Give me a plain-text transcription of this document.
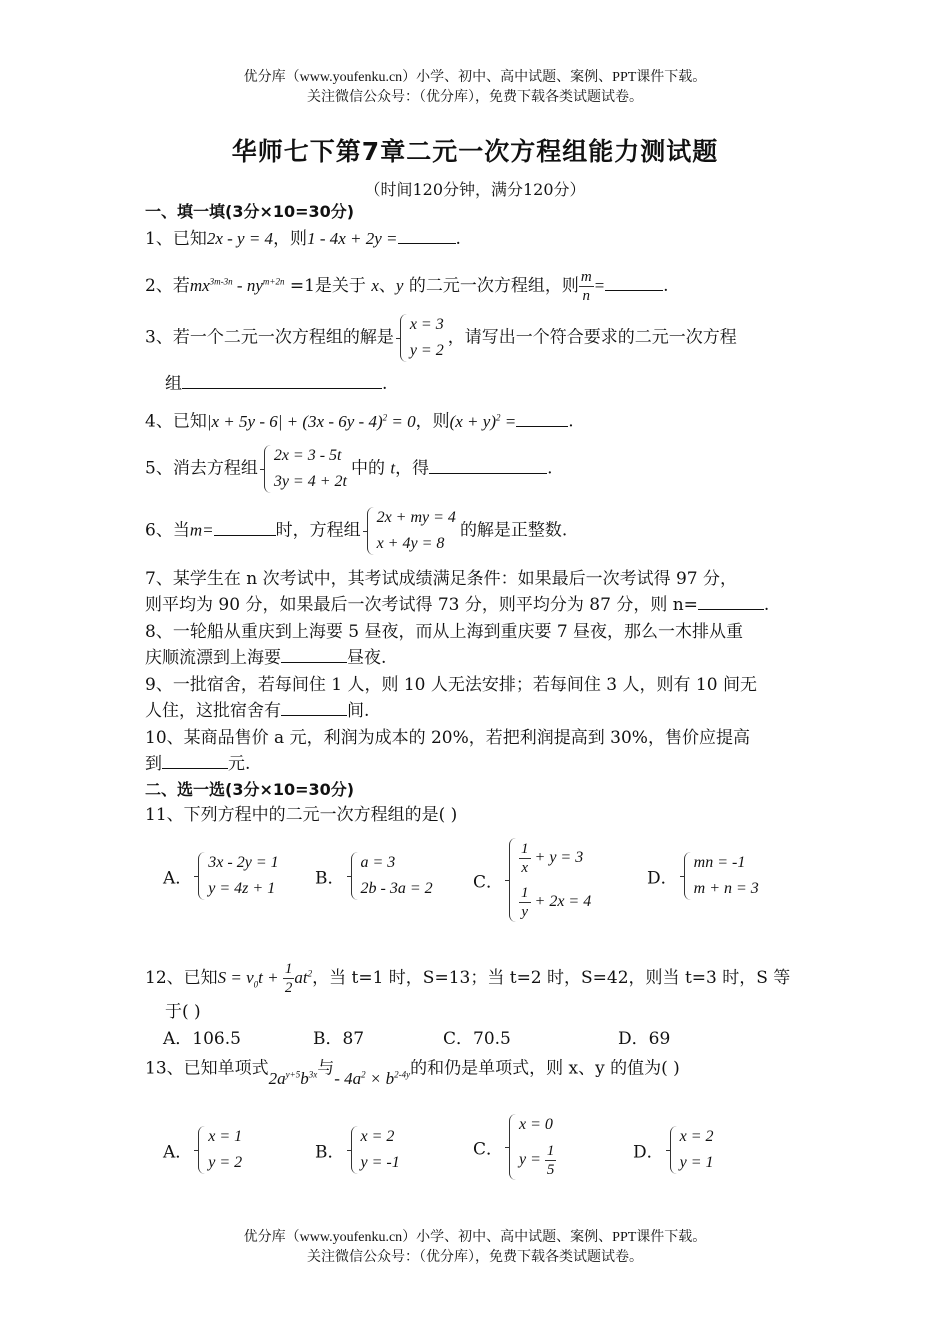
优分库（www.youfenku.cn）小学、初中、高中试题、案例、PPT课件下载。
关注微信公众号：（优分库），免费下载各类试题试卷。
华师七下第7章二元一次方程组能力测试题
（时间120分钟，满分120分）
一、填一填(3分×10=30分)
1、已知2x - y = 4，则1 - 4x + 2y =	.
2、若$mx^{3m-3n} - ny^{m+2n} =1$是关于 x、y 的二元一次方程组，则 $\frac{m}{n}$ =	.
3、若一个二元一次方程组的解是
x = 3
y = 2
，请写出一个符合要求的二元一次方程
组	.
4、已知|x + 5y - 6| + (3x - 6y - 4)$^2$ = 0，则$(x + y)^2$ =	.
5、消去方程组
2x = 3 - 5t
3y = 4 + 2t
中的 t，得	.
6、当m=	时，方程组
2x + my = 4
x + 4y = 8
的解是正整数.
7、某学生在 n 次考试中，其考试成绩满足条件：如果最后一次考试得 97 分，
则平均为 90 分，如果最后一次考试得 73 分，则平均分为 87 分，则 n=	.
8、一轮船从重庆到上海要 5 昼夜，而从上海到重庆要 7 昼夜，那么一木排从重
庆顺流漂到上海要	昼夜.
9、一批宿舍，若每间住 1 人，则 10 人无法安排；若每间住 3 人，则有 10 间无
人住，这批宿舍有	间.
10、某商品售价 a 元，利润为成本的 20%，若把利润提高到 30%，售价应提高
到	元.
二、选一选(3分×10=30分)
11、下列方程中的二元一次方程组的是( )
A．
3x - 2y = 1
y = 4z + 1 B．
a = 3
2b - 3a = 2 C．
$\frac{1}{x} + y = 3$
$\frac{1}{y} + 2x = 4$
D．
mn = -1
m + n = 3
12、已知$S = v_0t + \frac{1}{2} at^2$，当 t=1 时，S=13；当 t=2 时，S=42，则当 t=3 时，S 等
于( )
A．106.5	B．87	C．70.5	D．69
13、已知单项式$2a^{y+5}b^{3x}$与- $4a^2 \times b^{2-4y}$的和仍是单项式，则 x、y 的值为( )
A．
x = 1
y = 2	B．
x = 2
y = -1
C．
x = 0
$y = \frac{1}{5}$	D．
x = 2
y = 1
优分库（www.youfenku.cn）小学、初中、高中试题、案例、PPT课件下载。
关注微信公众号：（优分库），免费下载各类试题试卷。
